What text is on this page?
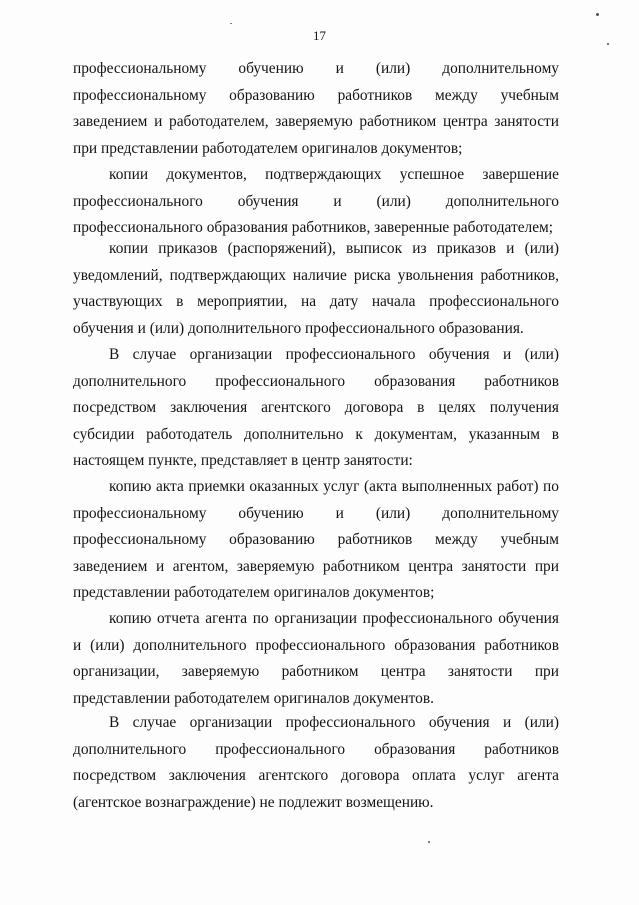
17

профессиональному обучению и (или) дополнительному профессиональному образованию работников между учебным заведением и работодателем, заверяемую работником центра занятости при представлении работодателем оригиналов документов;

копии документов, подтверждающих успешное завершение профессионального обучения и (или) дополнительного профессионального образования работников, заверенные работодателем;

копии приказов (распоряжений), выписок из приказов и (или) уведомлений, подтверждающих наличие риска увольнения работников, участвующих в мероприятии, на дату начала профессионального обучения и (или) дополнительного профессионального образования.

В случае организации профессионального обучения и (или) дополнительного профессионального образования работников посредством заключения агентского договора в целях получения субсидии работодатель дополнительно к документам, указанным в настоящем пункте, представляет в центр занятости:

копию акта приемки оказанных услуг (акта выполненных работ) по профессиональному обучению и (или) дополнительному профессиональному образованию работников между учебным заведением и агентом, заверяемую работником центра занятости при представлении работодателем оригиналов документов;

копию отчета агента по организации профессионального обучения и (или) дополнительного профессионального образования работников организации, заверяемую работником центра занятости при представлении работодателем оригиналов документов.

В случае организации профессионального обучения и (или) дополнительного профессионального образования работников посредством заключения агентского договора оплата услуг агента (агентское вознаграждение) не подлежит возмещению.
